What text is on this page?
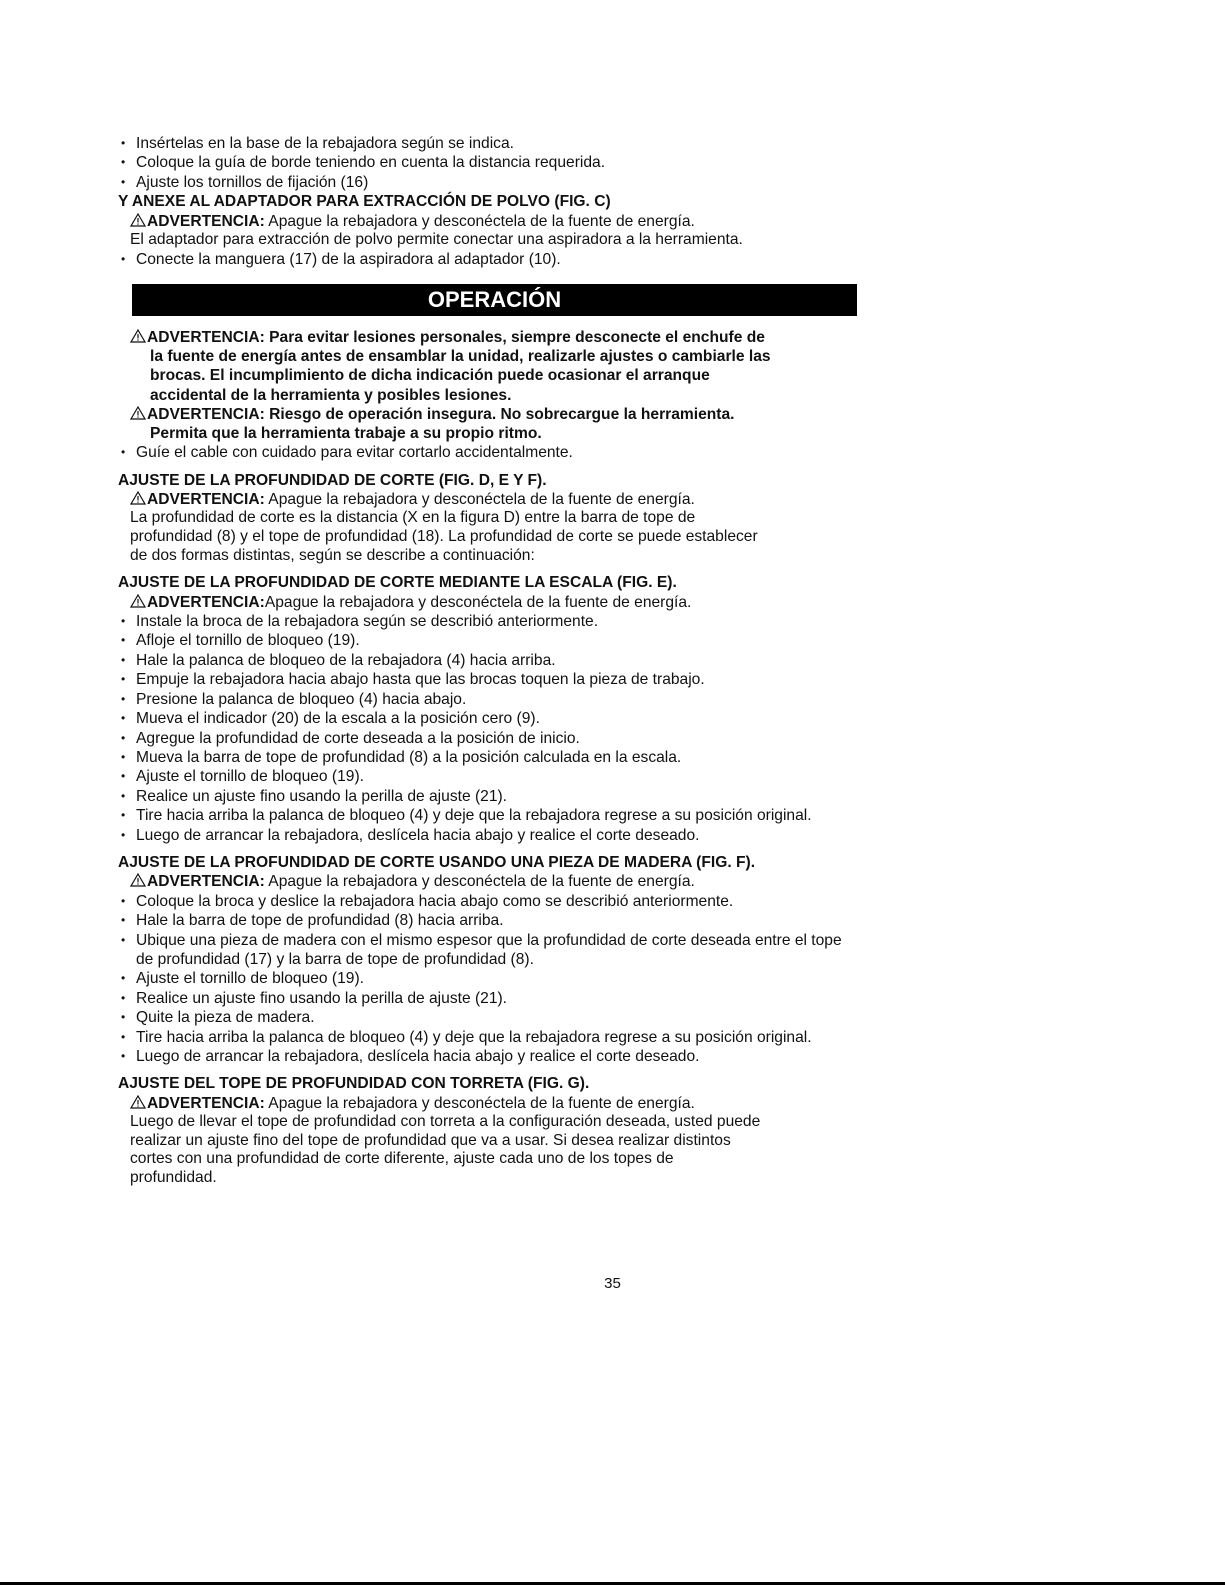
• Insértelas en la base de la rebajadora según se indica.
• Coloque la guía de borde teniendo en cuenta la distancia requerida.
• Ajuste los tornillos de fijación (16)
Y ANEXE AL ADAPTADOR PARA EXTRACCIÓN DE POLVO (FIG. C)
ADVERTENCIA: Apague la rebajadora y desconéctela de la fuente de energía.
El adaptador para extracción de polvo permite conectar una aspiradora a la herramienta.
• Conecte la manguera (17) de la aspiradora al adaptador (10).
OPERACIÓN
ADVERTENCIA: Para evitar lesiones personales, siempre desconecte el enchufe de
la fuente de energía antes de ensamblar la unidad, realizarle ajustes o cambiarle las
brocas. El incumplimiento de dicha indicación puede ocasionar el arranque
accidental de la herramienta y posibles lesiones.
ADVERTENCIA: Riesgo de operación insegura. No sobrecargue la herramienta.
Permita que la herramienta trabaje a su propio ritmo.
• Guíe el cable con cuidado para evitar cortarlo accidentalmente.
AJUSTE DE LA PROFUNDIDAD DE CORTE (FIG. D, E Y F).
ADVERTENCIA: Apague la rebajadora y desconéctela de la fuente de energía.
La profundidad de corte es la distancia (X en la figura D) entre la barra de tope de
profundidad (8) y el tope de profundidad (18). La profundidad de corte se puede establecer
de dos formas distintas, según se describe a continuación:
AJUSTE DE LA PROFUNDIDAD DE CORTE MEDIANTE LA ESCALA (FIG. E).
ADVERTENCIA:Apague la rebajadora y desconéctela de la fuente de energía.
• Instale la broca de la rebajadora según se describió anteriormente.
• Afloje el tornillo de bloqueo (19).
• Hale la palanca de bloqueo de la rebajadora (4) hacia arriba.
• Empuje la rebajadora hacia abajo hasta que las brocas toquen la pieza de trabajo.
• Presione la palanca de bloqueo (4) hacia abajo.
• Mueva el indicador (20) de la escala a la posición cero (9).
• Agregue la profundidad de corte deseada a la posición de inicio.
• Mueva la barra de tope de profundidad (8) a la posición calculada en la escala.
• Ajuste el tornillo de bloqueo (19).
• Realice un ajuste fino usando la perilla de ajuste (21).
• Tire hacia arriba la palanca de bloqueo (4) y deje que la rebajadora regrese a su posición original.
• Luego de arrancar la rebajadora, deslícela hacia abajo y realice el corte deseado.
AJUSTE DE LA PROFUNDIDAD DE CORTE USANDO UNA PIEZA DE MADERA (FIG. F).
ADVERTENCIA: Apague la rebajadora y desconéctela de la fuente de energía.
• Coloque la broca y deslice la rebajadora hacia abajo como se describió anteriormente.
• Hale la barra de tope de profundidad (8) hacia arriba.
• Ubique una pieza de madera con el mismo espesor que la profundidad de corte deseada entre el tope de profundidad (17) y la barra de tope de profundidad (8).
• Ajuste el tornillo de bloqueo (19).
• Realice un ajuste fino usando la perilla de ajuste (21).
• Quite la pieza de madera.
• Tire hacia arriba la palanca de bloqueo (4) y deje que la rebajadora regrese a su posición original.
• Luego de arrancar la rebajadora, deslícela hacia abajo y realice el corte deseado.
AJUSTE DEL TOPE DE PROFUNDIDAD CON TORRETA (FIG. G).
ADVERTENCIA: Apague la rebajadora y desconéctela de la fuente de energía.
Luego de llevar el tope de profundidad con torreta a la configuración deseada, usted puede
realizar un ajuste fino del tope de profundidad que va a usar. Si desea realizar distintos
cortes con una profundidad de corte diferente, ajuste cada uno de los topes de
profundidad.
35
